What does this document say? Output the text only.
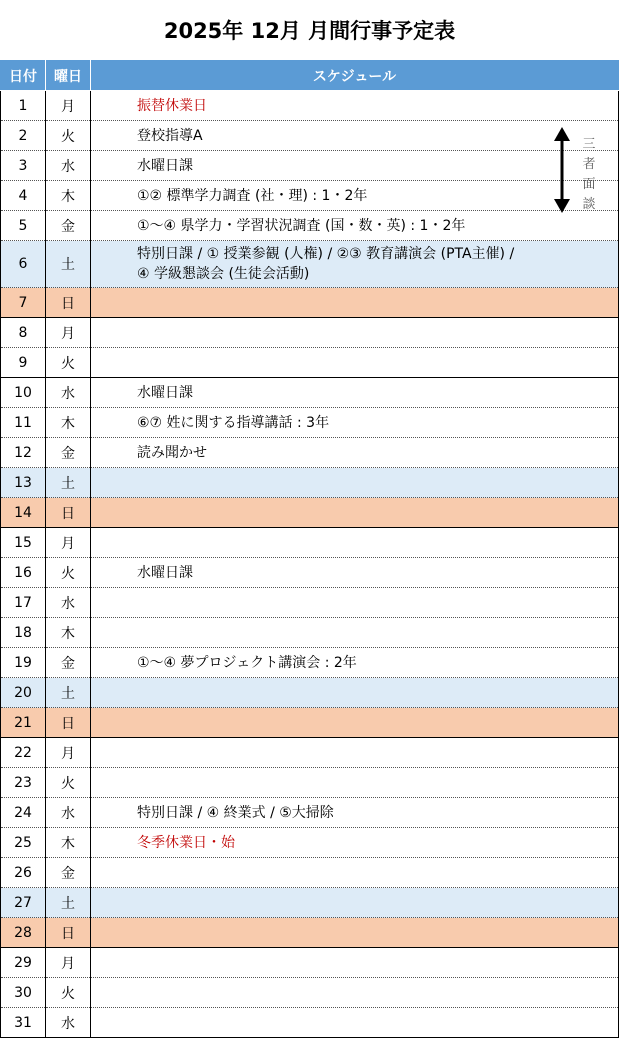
2025年 12月 月間行事予定表
日付	曜日	スケジュール
1	月	振替休業日

2	火	登校指導A

3	水	水曜日課

4	木	①② 標準学力調査 (社・理) : 1・2年

5	金	①～④ 県学力・学習状況調査 (国・数・英) : 1・2年

6	土	特別日課 / ① 授業参観 (人権) / ②③ 教育講演会 (PTA主催) /
④ 学級懇談会 (生徒会活動)

7	日	

8	月	

9	火	

10	水	水曜日課

11	木	⑥⑦ 姓に関する指導講話 : 3年

12	金	読み聞かせ

13	土	

14	日	

15	月	

16	火	水曜日課

17	水	

18	木	

19	金	①～④ 夢プロジェクト講演会 : 2年

20	土	

21	日	

22	月	

23	火	

24	水	特別日課 / ④ 終業式 / ⑤大掃除

25	木	冬季休業日・始

26	金	

27	土	

28	日	

29	月	

30	火	

31	水	
三者面談
